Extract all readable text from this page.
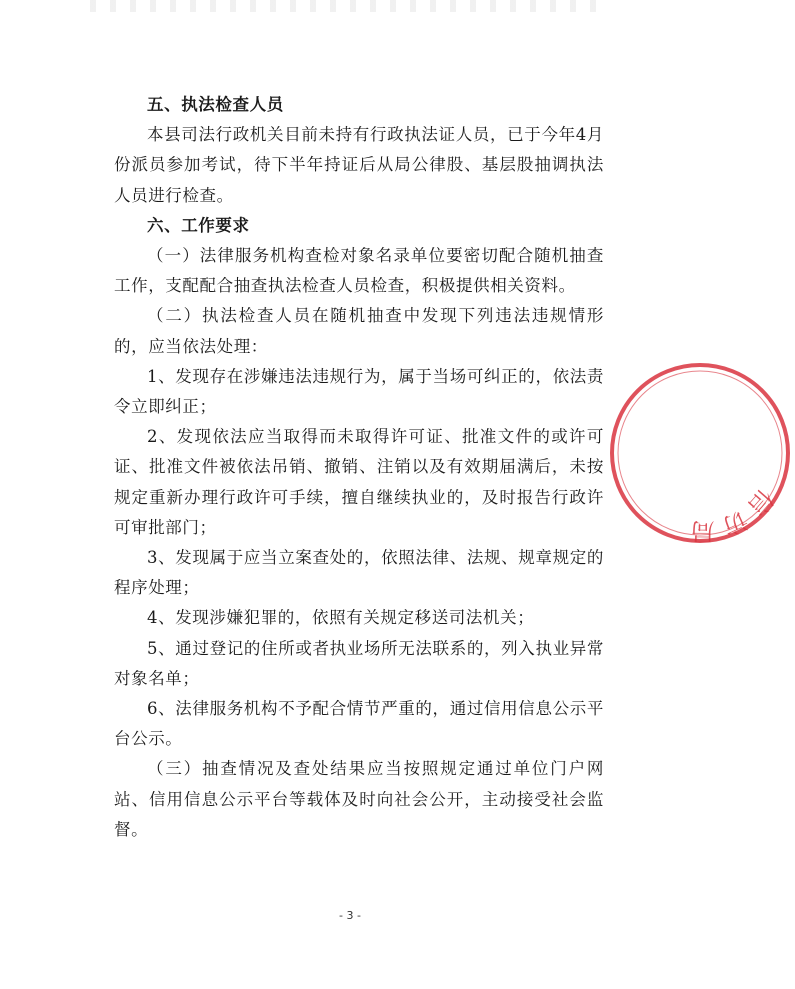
五、执法检查人员

本县司法行政机关目前未持有行政执法证人员，已于今年4月份派员参加考试，待下半年持证后从局公律股、基层股抽调执法人员进行检查。

六、工作要求

（一）法律服务机构查检对象名录单位要密切配合随机抽查工作，支配配合抽查执法检查人员检查，积极提供相关资料。

（二）执法检查人员在随机抽查中发现下列违法违规情形的，应当依法处理：

1、发现存在涉嫌违法违规行为，属于当场可纠正的，依法责令立即纠正；

2、发现依法应当取得而未取得许可证、批准文件的或许可证、批准文件被依法吊销、撤销、注销以及有效期届满后，未按规定重新办理行政许可手续，擅自继续执业的，及时报告行政许可审批部门；

3、发现属于应当立案查处的，依照法律、法规、规章规定的程序处理；

4、发现涉嫌犯罪的，依照有关规定移送司法机关；

5、通过登记的住所或者执业场所无法联系的，列入执业异常对象名单；

6、法律服务机构不予配合情节严重的，通过信用信息公示平台公示。

（三）抽查情况及查处结果应当按照规定通过单位门户网站、信用信息公示平台等载体及时向社会公开，主动接受社会监督。

信访局
- 3 -
